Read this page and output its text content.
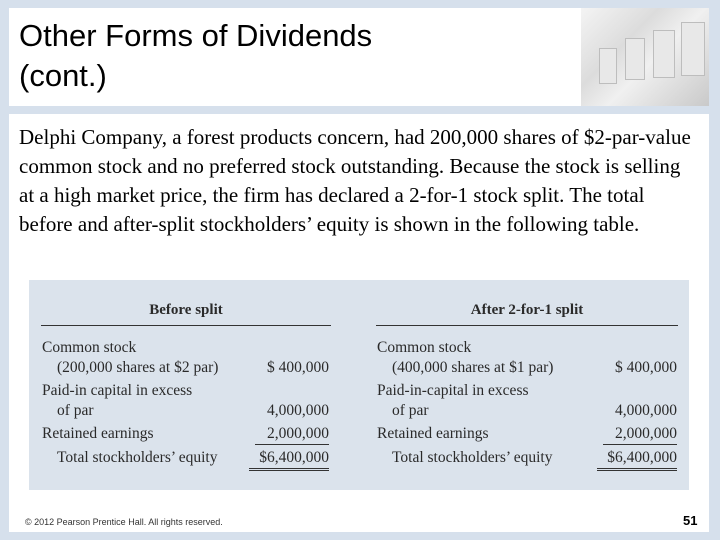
Other Forms of Dividends
(cont.)
Delphi Company, a forest products concern, had 200,000 shares of $2-par-value common stock and no preferred stock outstanding. Because the stock is selling at a high market price, the firm has declared a 2-for-1 stock split. The total before and after-split stockholders’ equity is shown in the following table.
Before split
Common stock
(200,000 shares at $2 par)	$ 400,000
Paid-in capital in excess
of par	4,000,000
Retained earnings	2,000,000
Total stockholders’ equity	$6,400,000
After 2-for-1 split
Common stock
(400,000 shares at $1 par)	$ 400,000
Paid-in-capital in excess
of par	4,000,000
Retained earnings	2,000,000
Total stockholders’ equity	$6,400,000
© 2012 Pearson Prentice Hall. All rights reserved.	51
